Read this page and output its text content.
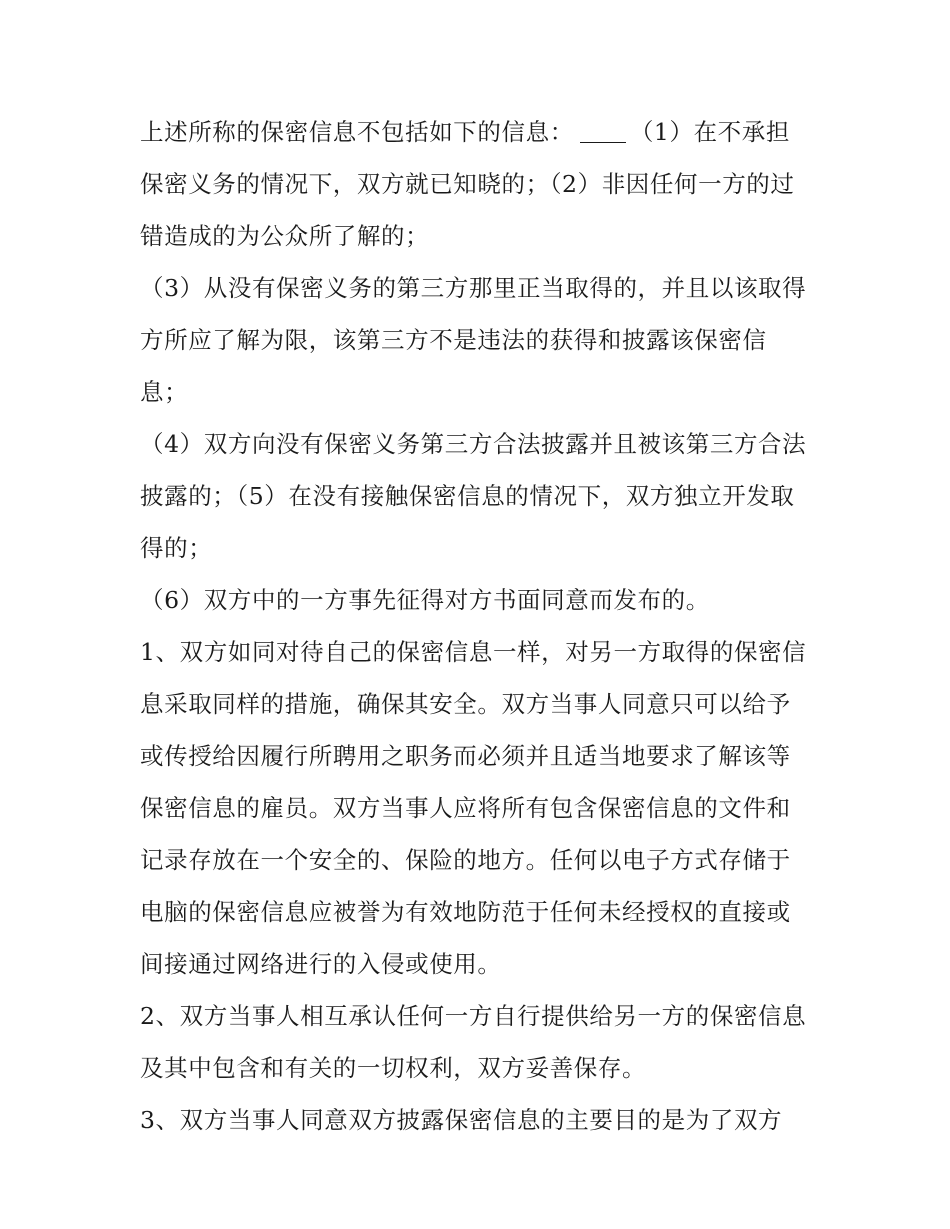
上述所称的保密信息不包括如下的信息： （1）在不承担保密义务的情况下，双方就已知晓的；（2）非因任何一方的过错造成的为公众所了解的；

（3）从没有保密义务的第三方那里正当取得的，并且以该取得方所应了解为限，该第三方不是违法的获得和披露该保密信息；

（4）双方向没有保密义务第三方合法披露并且被该第三方合法披露的；（5）在没有接触保密信息的情况下，双方独立开发取得的；

（6）双方中的一方事先征得对方书面同意而发布的。

1、双方如同对待自己的保密信息一样，对另一方取得的保密信息采取同样的措施，确保其安全。双方当事人同意只可以给予或传授给因履行所聘用之职务而必须并且适当地要求了解该等保密信息的雇员。双方当事人应将所有包含保密信息的文件和记录存放在一个安全的、保险的地方。任何以电子方式存储于电脑的保密信息应被誉为有效地防范于任何未经授权的直接或间接通过网络进行的入侵或使用。

2、双方当事人相互承认任何一方自行提供给另一方的保密信息及其中包含和有关的一切权利，双方妥善保存。

3、双方当事人同意双方披露保密信息的主要目的是为了双方
